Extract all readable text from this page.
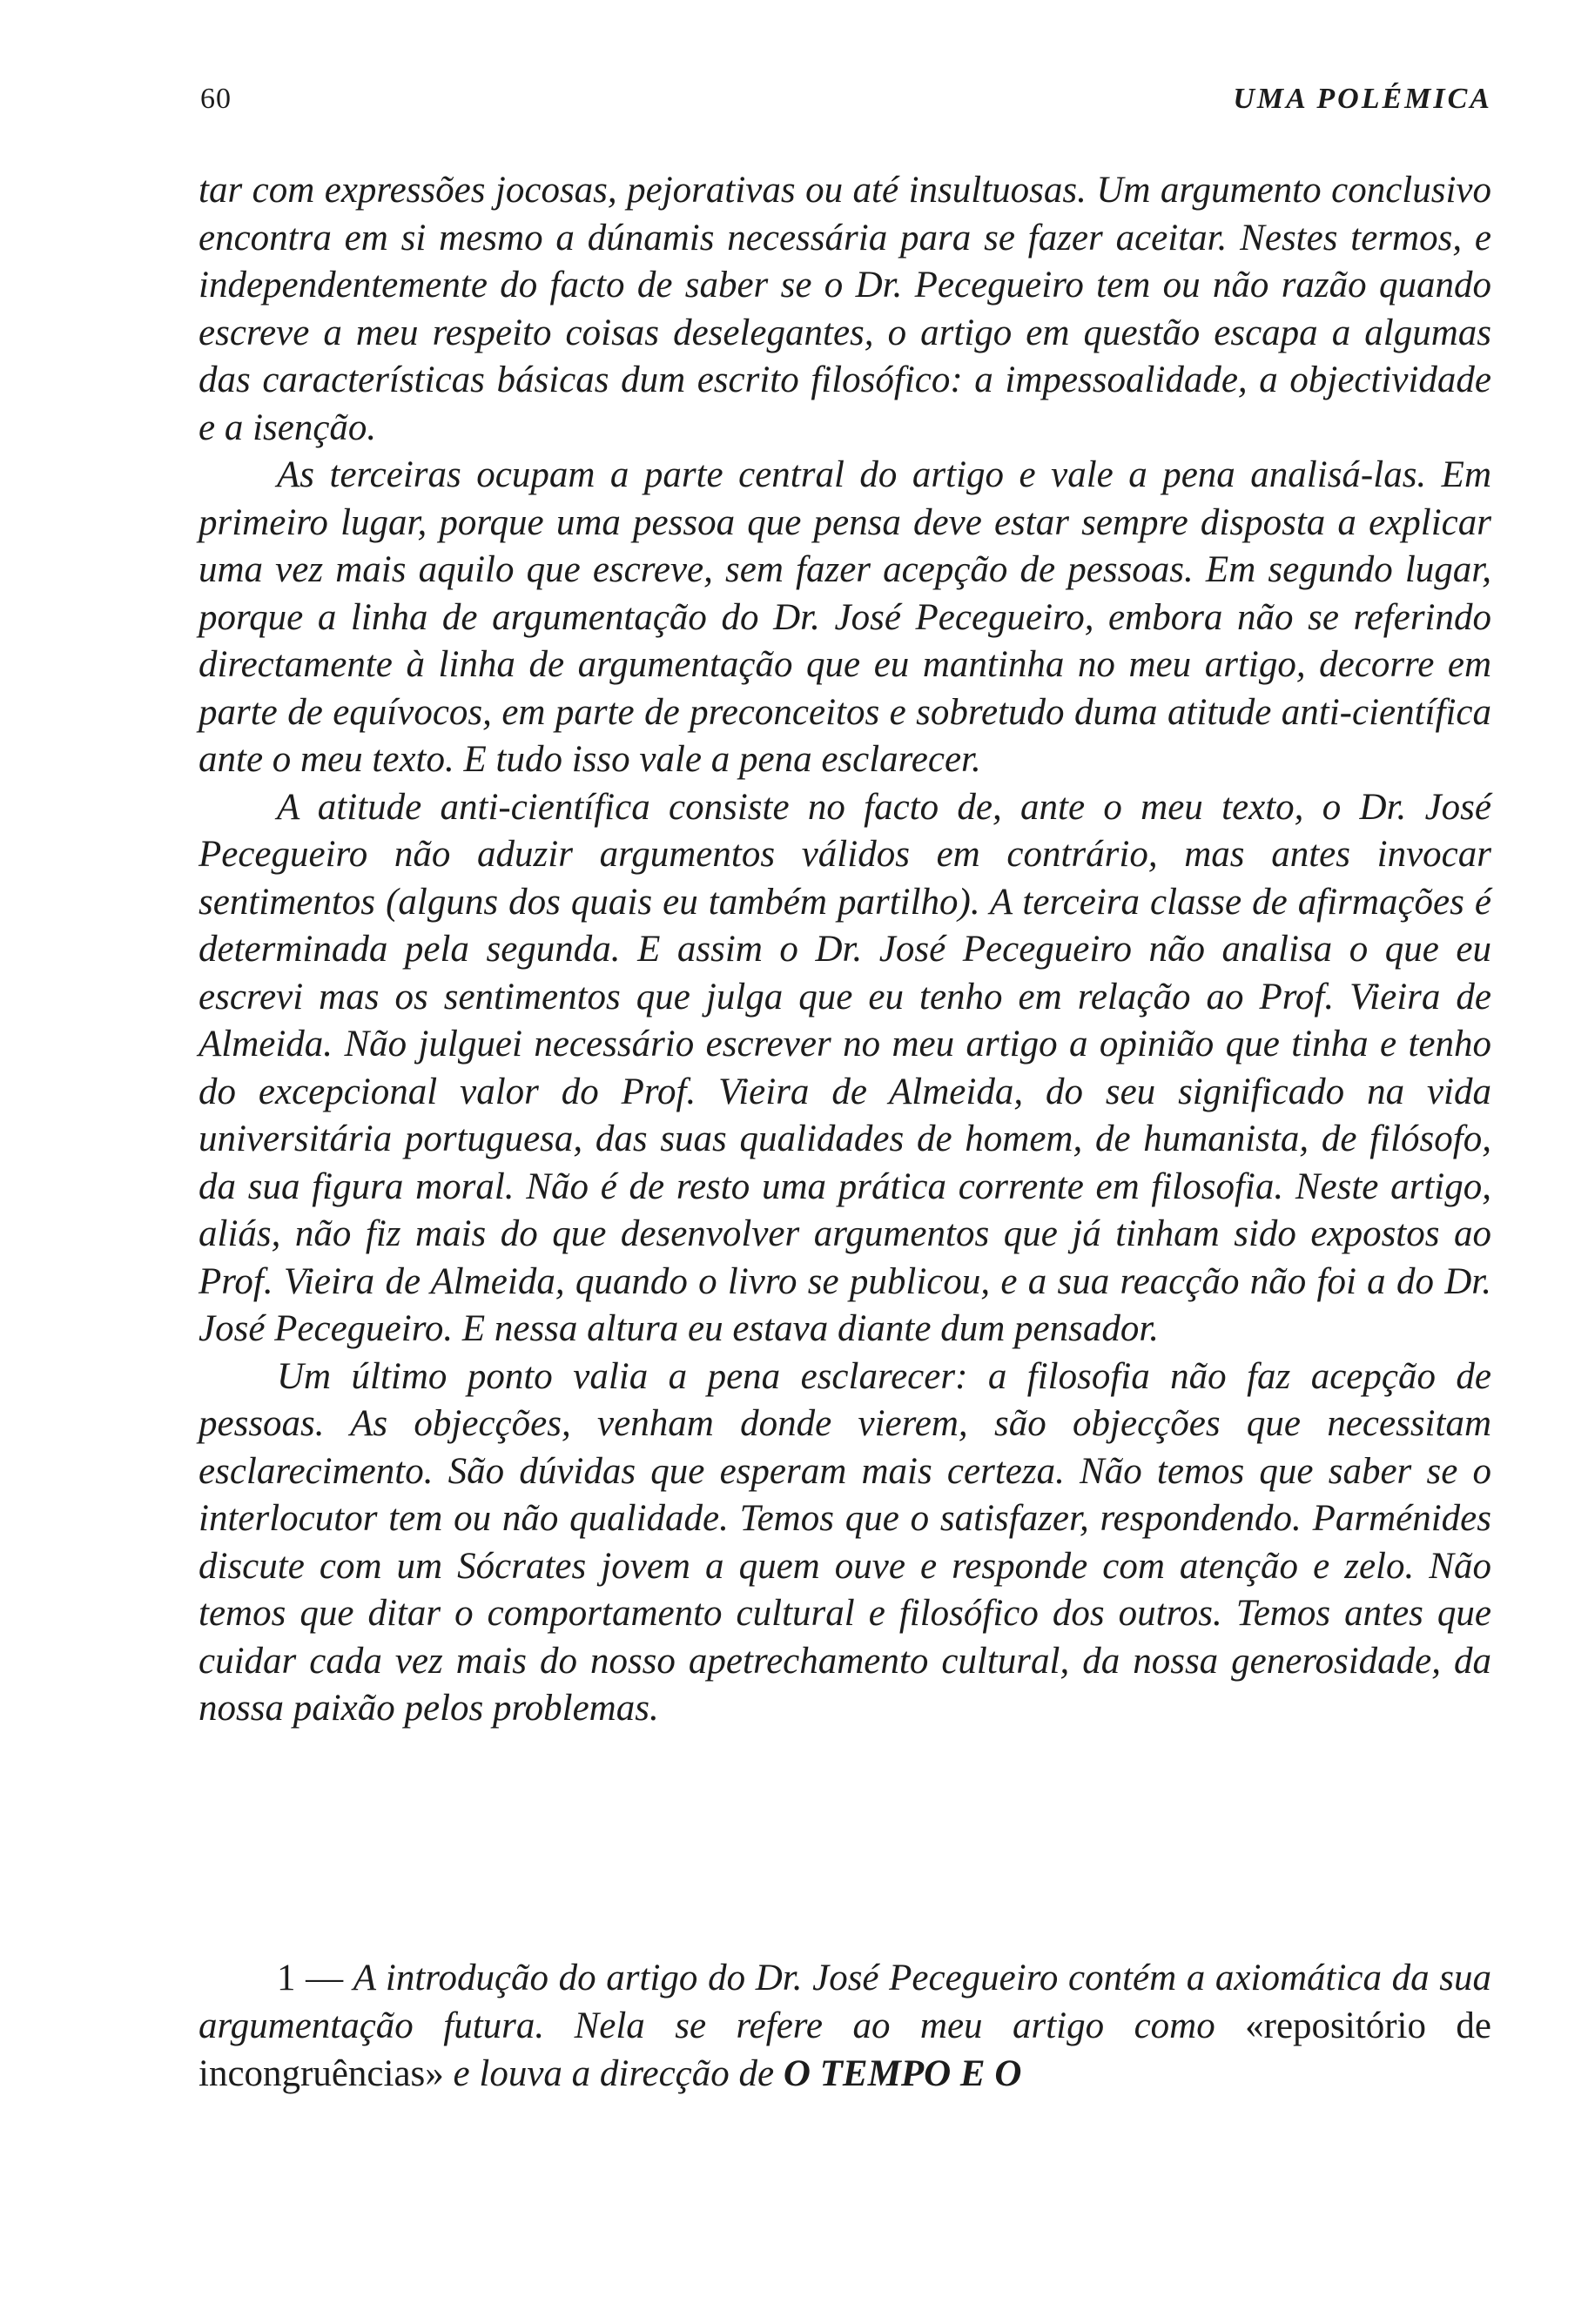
60	UMA POLÉMICA

tar com expressões jocosas, pejorativas ou até insultuosas. Um argumento conclusivo encontra em si mesmo a dúnamis necessária para se fazer aceitar. Nestes termos, e independentemente do facto de saber se o Dr. Pecegueiro tem ou não razão quando escreve a meu respeito coisas deselegantes, o artigo em questão escapa a algumas das características básicas dum escrito filosófico: a impessoalidade, a objectividade e a isenção.

As terceiras ocupam a parte central do artigo e vale a pena analisá-las. Em primeiro lugar, porque uma pessoa que pensa deve estar sempre disposta a explicar uma vez mais aquilo que escreve, sem fazer acepção de pessoas. Em segundo lugar, porque a linha de argumentação do Dr. José Pecegueiro, embora não se referindo directamente à linha de argumentação que eu mantinha no meu artigo, decorre em parte de equívocos, em parte de preconceitos e sobretudo duma atitude anti-científica ante o meu texto. E tudo isso vale a pena esclarecer.

A atitude anti-científica consiste no facto de, ante o meu texto, o Dr. José Pecegueiro não aduzir argumentos válidos em contrário, mas antes invocar sentimentos (alguns dos quais eu também partilho). A terceira classe de afirmações é determinada pela segunda. E assim o Dr. José Pecegueiro não analisa o que eu escrevi mas os sentimentos que julga que eu tenho em relação ao Prof. Vieira de Almeida. Não julguei necessário escrever no meu artigo a opinião que tinha e tenho do excepcional valor do Prof. Vieira de Almeida, do seu significado na vida universitária portuguesa, das suas qualidades de homem, de humanista, de filósofo, da sua figura moral. Não é de resto uma prática corrente em filosofia. Neste artigo, aliás, não fiz mais do que desenvolver argumentos que já tinham sido expostos ao Prof. Vieira de Almeida, quando o livro se publicou, e a sua reacção não foi a do Dr. José Pecegueiro. E nessa altura eu estava diante dum pensador.

Um último ponto valia a pena esclarecer: a filosofia não faz acepção de pessoas. As objecções, venham donde vierem, são objecções que necessitam esclarecimento. São dúvidas que esperam mais certeza. Não temos que saber se o interlocutor tem ou não qualidade. Temos que o satisfazer, respondendo. Parménides discute com um Sócrates jovem a quem ouve e responde com atenção e zelo. Não temos que ditar o comportamento cultural e filosófico dos outros. Temos antes que cuidar cada vez mais do nosso apetrechamento cultural, da nossa generosidade, da nossa paixão pelos problemas.

1 — A introdução do artigo do Dr. José Pecegueiro contém a axiomática da sua argumentação futura. Nela se refere ao meu artigo como «repositório de incongruências» e louva a direcção de O TEMPO E O
